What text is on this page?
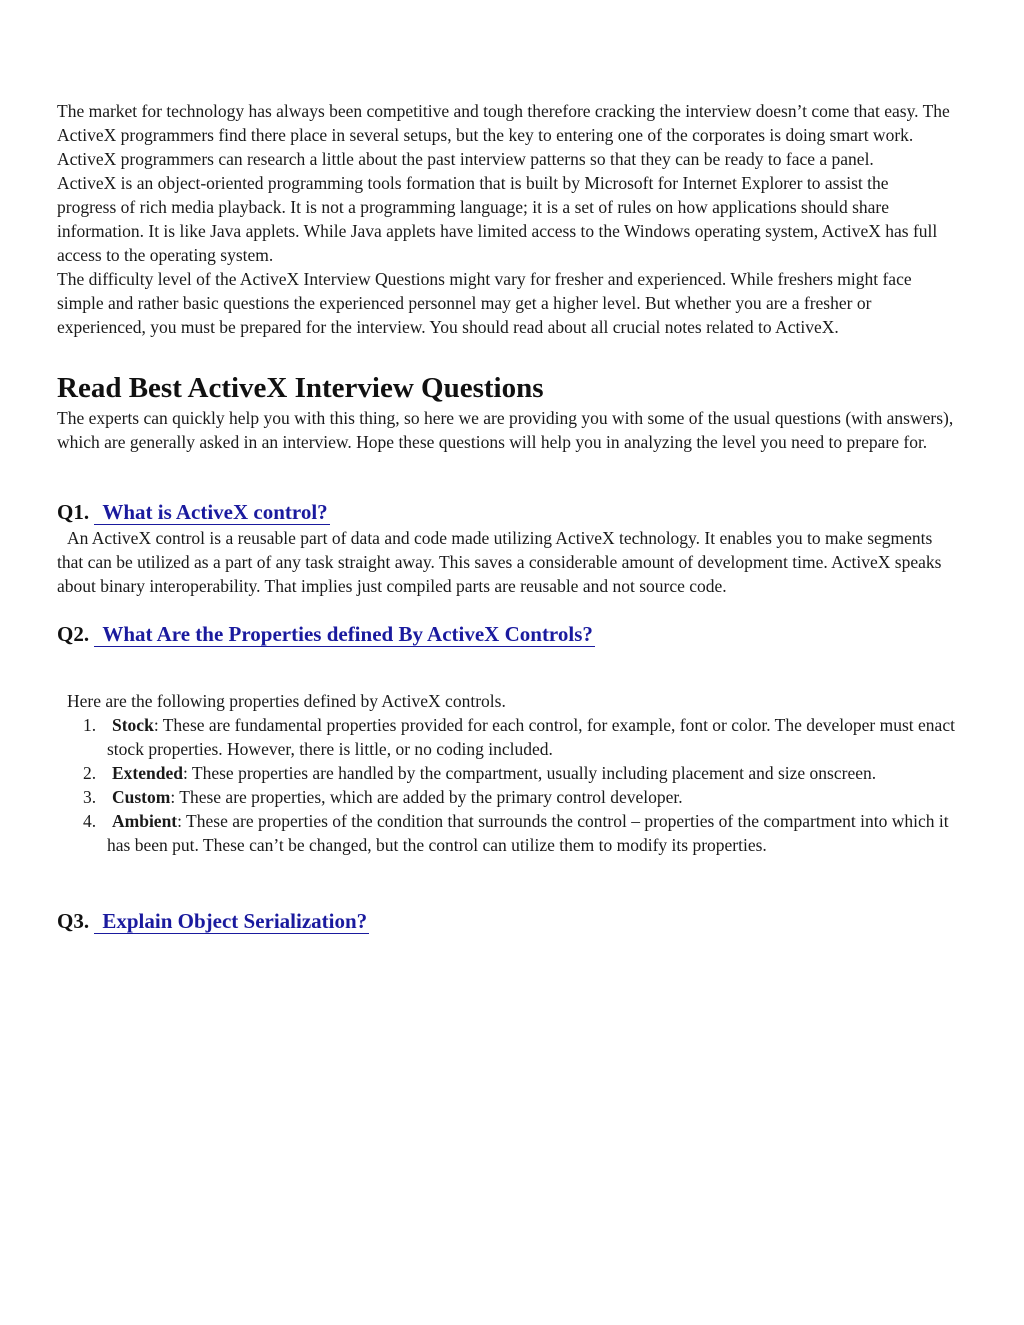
The market for technology has always been competitive and tough therefore cracking the interview doesn’t come that easy. The ActiveX programmers find there place in several setups, but the key to entering one of the corporates is doing smart work. ActiveX programmers can research a little about the past interview patterns so that they can be ready to face a panel.

ActiveX is an object-oriented programming tools formation that is built by Microsoft for Internet Explorer to assist the progress of rich media playback. It is not a programming language; it is a set of rules on how applications should share information. It is like Java applets. While Java applets have limited access to the Windows operating system, ActiveX has full access to the operating system.

The difficulty level of the ActiveX Interview Questions might vary for fresher and experienced. While freshers might face simple and rather basic questions the experienced personnel may get a higher level. But whether you are a fresher or experienced, you must be prepared for the interview. You should read about all crucial notes related to ActiveX.

Read Best ActiveX Interview Questions

The experts can quickly help you with this thing, so here we are providing you with some of the usual questions (with answers), which are generally asked in an interview. Hope these questions will help you in analyzing the level you need to prepare for.

Q1. What is ActiveX control?

An ActiveX control is a reusable part of data and code made utilizing ActiveX technology. It enables you to make segments that can be utilized as a part of any task straight away. This saves a considerable amount of development time. ActiveX speaks about binary interoperability. That implies just compiled parts are reusable and not source code.

Q2. What Are the Properties defined By ActiveX Controls?
Here are the following properties defined by ActiveX controls.
1. Stock: These are fundamental properties provided for each control, for example, font or color. The developer must enact stock properties. However, there is little, or no coding included.
2. Extended: These properties are handled by the compartment, usually including placement and size onscreen.
3. Custom: These are properties, which are added by the primary control developer.
4. Ambient: These are properties of the condition that surrounds the control – properties of the compartment into which it has been put. These can’t be changed, but the control can utilize them to modify its properties.
Q3. Explain Object Serialization?
